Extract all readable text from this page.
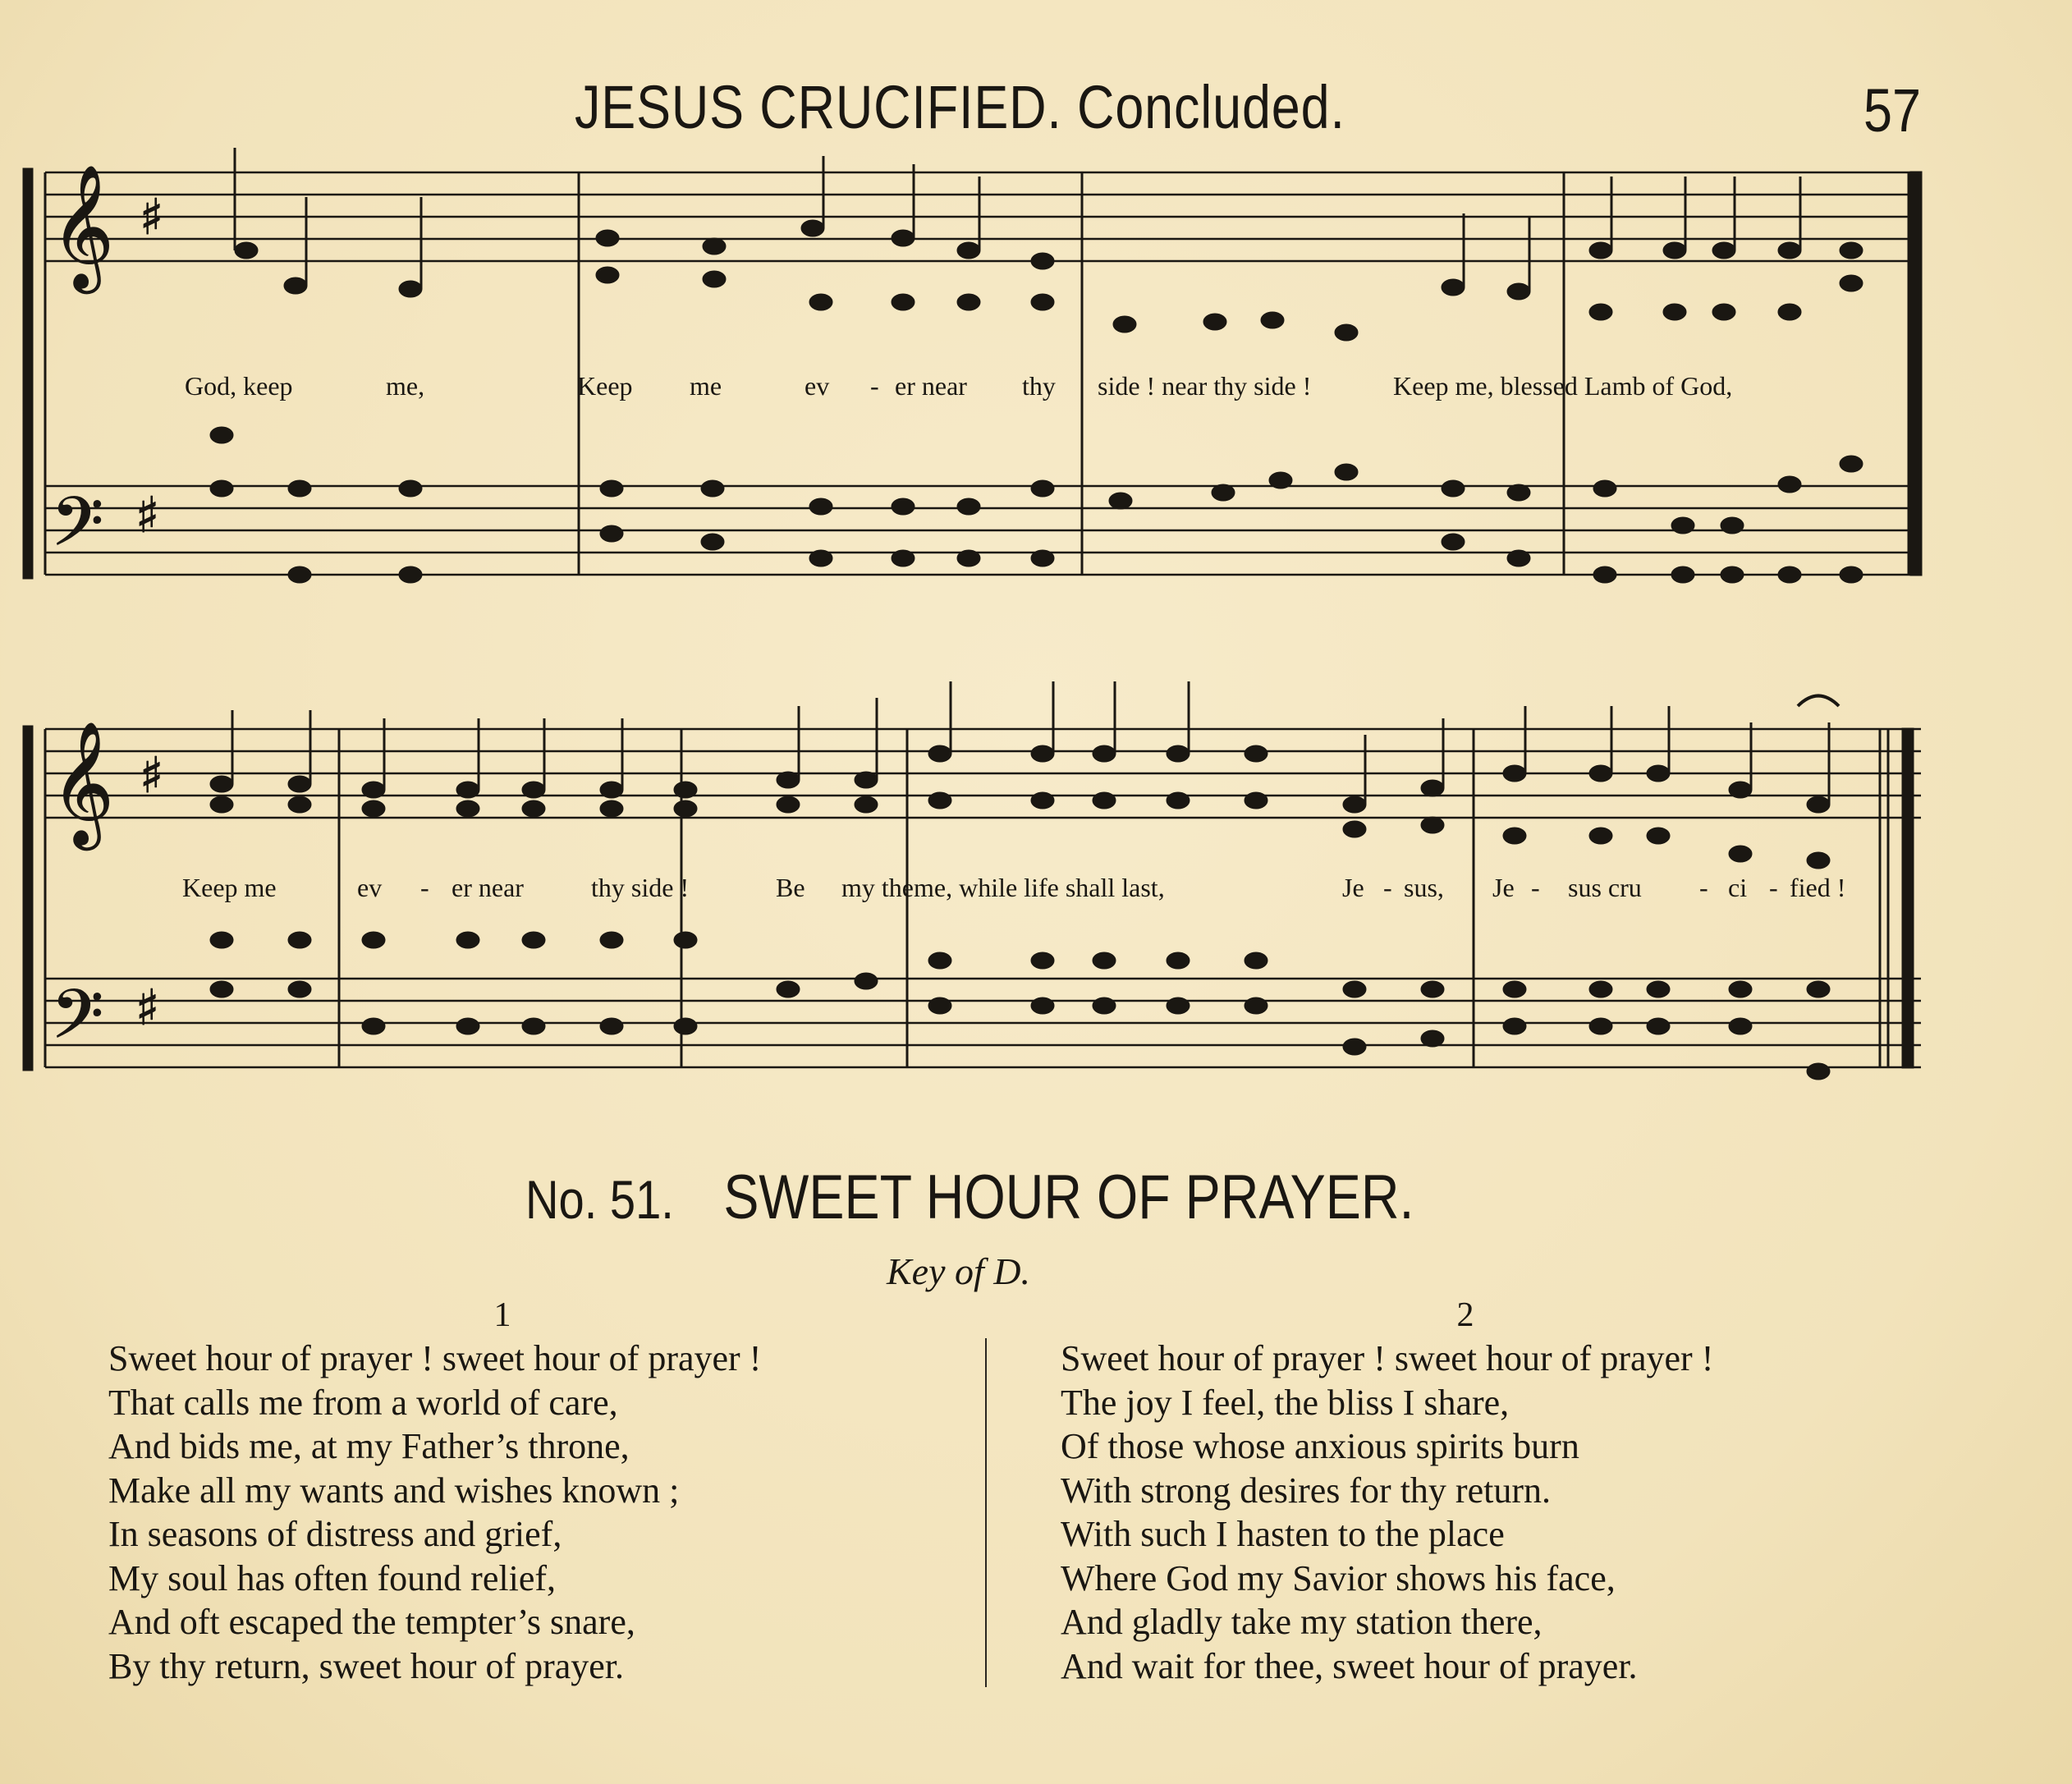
JESUS CRUCIFIED. Concluded.	57
𝄞
𝄢
♯
♯
𝄞
𝄢
♯
♯
God, keep	me,	Keep me	ev - er near thy side ! near thy side !	Keep me, blessed Lamb of God,
Keep me	ev - er near	thy side !	Be my theme, while life shall last,	Je - sus, Je - sus cru - ci - fied !
No. 51. SWEET HOUR OF PRAYER.
Key of D.
1	2
Sweet hour of prayer ! sweet hour of prayer !
That calls me from a world of care,
And bids me, at my Father’s throne,
Make all my wants and wishes known ;
In seasons of distress and grief,
My soul has often found relief,
And oft escaped the tempter’s snare,
By thy return, sweet hour of prayer.
Sweet hour of prayer ! sweet hour of prayer !
The joy I feel, the bliss I share,
Of those whose anxious spirits burn
With strong desires for thy return.
With such I hasten to the place
Where God my Savior shows his face,
And gladly take my station there,
And wait for thee, sweet hour of prayer.
